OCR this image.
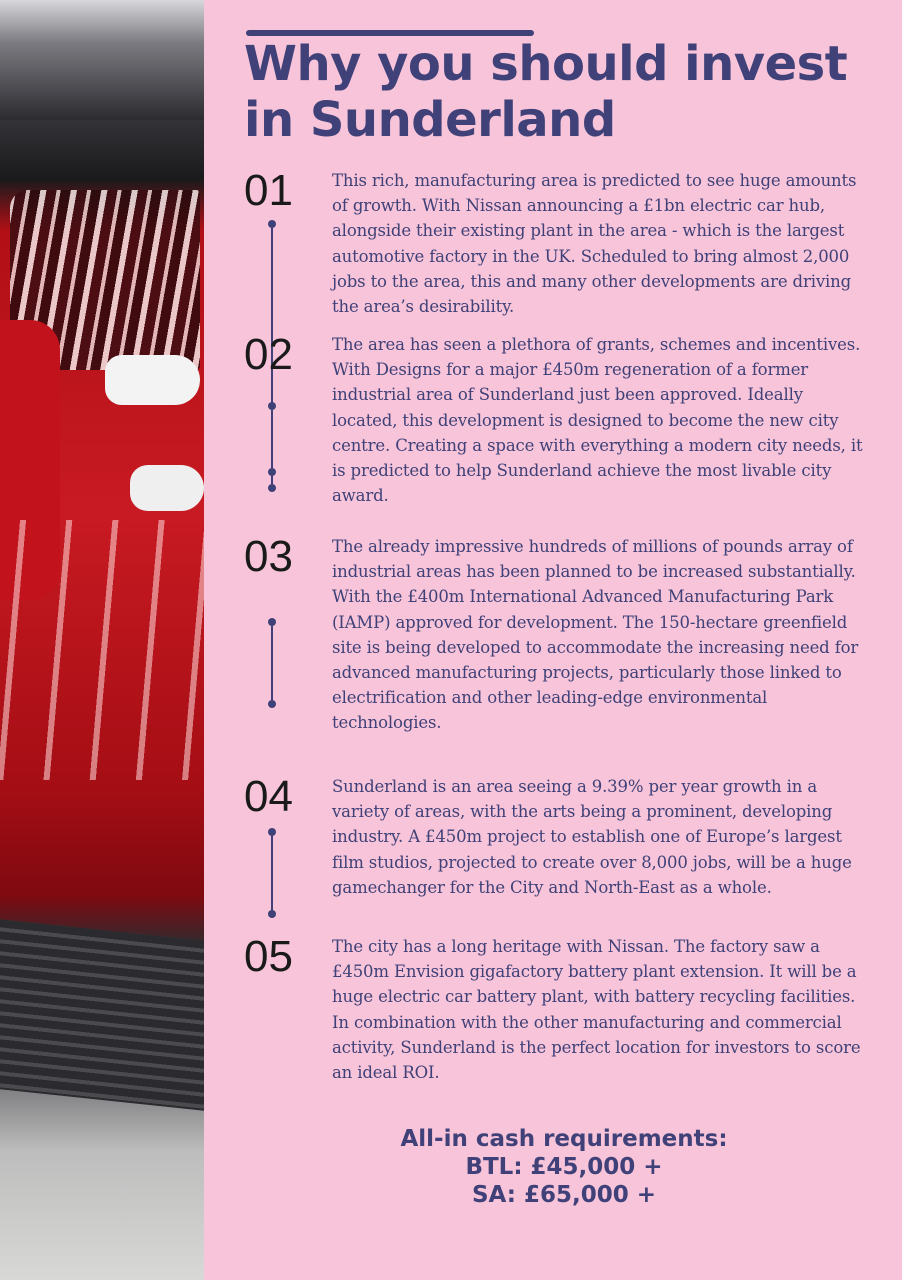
Why you should invest in Sunderland
01 This rich, manufacturing area is predicted to see huge amounts of growth. With Nissan announcing a £1bn electric car hub, alongside their existing plant in the area - which is the largest automotive factory in the UK. Scheduled to bring almost 2,000 jobs to the area, this and many other developments are driving the area’s desirability.

02 The area has seen a plethora of grants, schemes and incentives. With Designs for a major £450m regeneration of a former industrial area of Sunderland just been approved. Ideally located, this development is designed to become the new city centre. Creating a space with everything a modern city needs, it is predicted to help Sunderland achieve the most livable city award.

03 The already impressive hundreds of millions of pounds array of industrial areas has been planned to be increased substantially. With the £400m International Advanced Manufacturing Park (IAMP) approved for development. The 150-hectare greenfield site is being developed to accommodate the increasing need for advanced manufacturing projects, particularly those linked to electrification and other leading-edge environmental technologies.

04 Sunderland is an area seeing a 9.39% per year growth in a variety of areas, with the arts being a prominent, developing industry. A £450m project to establish one of Europe’s largest film studios, projected to create over 8,000 jobs, will be a huge gamechanger for the City and North-East as a whole.

05 The city has a long heritage with Nissan. The factory saw a £450m Envision gigafactory battery plant extension. It will be a huge electric car battery plant, with battery recycling facilities. In combination with the other manufacturing and commercial activity, Sunderland is the perfect location for investors to score an ideal ROI.

All-in cash requirements:
BTL: £45,000 +
SA: £65,000 +
